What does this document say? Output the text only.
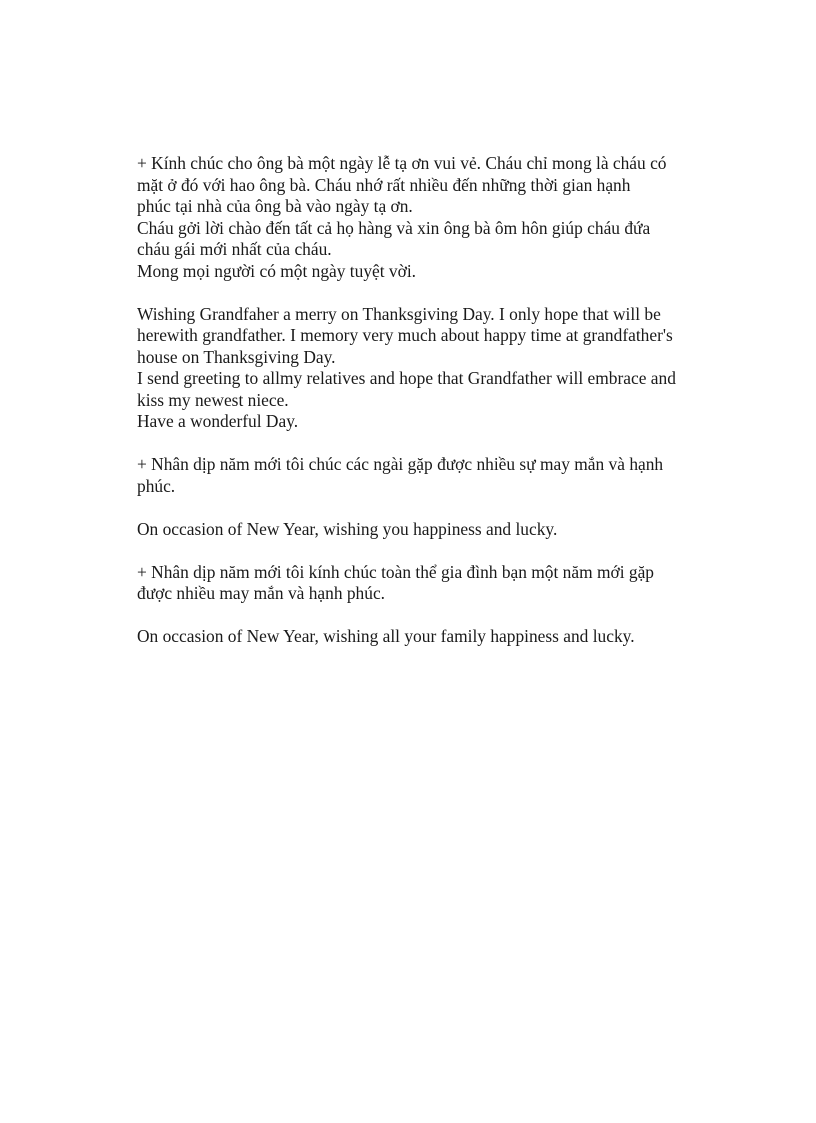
+ Kính chúc cho ông bà một ngày lễ tạ ơn vui vẻ. Cháu chỉ mong là cháu có
mặt ở đó với hao ông bà. Cháu nhớ rất nhiều đến những thời gian hạnh
phúc tại nhà của ông bà vào ngày tạ ơn.
Cháu gởi lời chào đến tất cả họ hàng và xin ông bà ôm hôn giúp cháu đứa
cháu gái mới nhất của cháu.
Mong mọi người có một ngày tuyệt vời.
Wishing Grandfaher a merry on Thanksgiving Day. I only hope that will be
herewith grandfather. I memory very much about happy time at grandfather's
house on Thanksgiving Day.
I send greeting to allmy relatives and hope that Grandfather will embrace and
kiss my newest niece.
Have a wonderful Day.
+ Nhân dịp năm mới tôi chúc các ngài gặp được nhiều sự may mắn và hạnh
phúc.
On occasion of New Year, wishing you happiness and lucky.
+ Nhân dịp năm mới tôi kính chúc toàn thể gia đình bạn một năm mới gặp
được nhiều may mắn và hạnh phúc.
On occasion of New Year, wishing all your family happiness and lucky.
